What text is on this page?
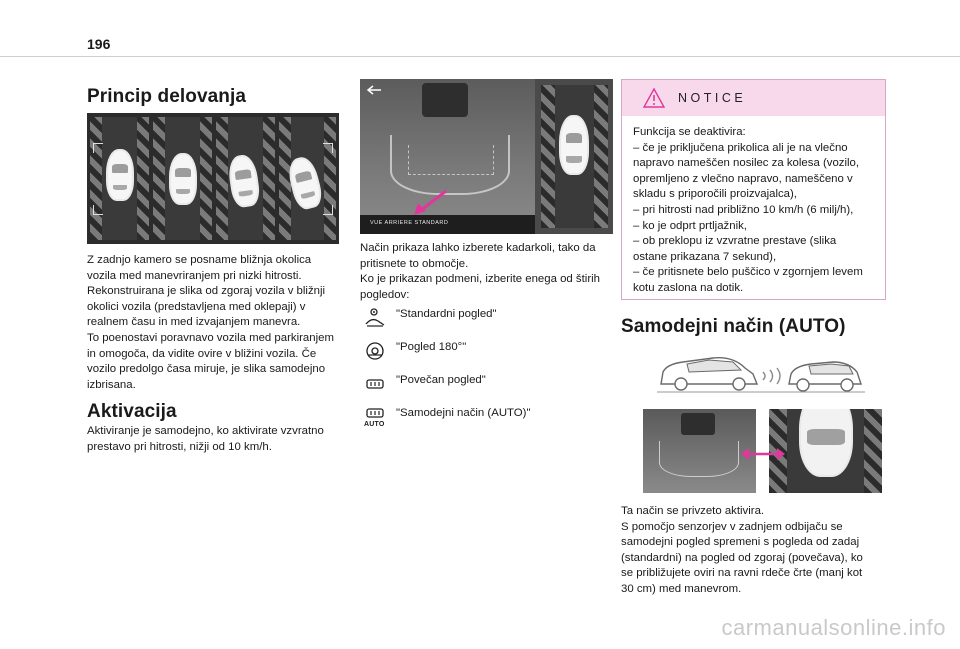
196
Princip delovanja
Z zadnjo kamero se posname bližnja okolica
vozila med manevriranjem pri nizki hitrosti.
Rekonstruirana je slika od zgoraj vozila v bližnji
okolici vozila (predstavljena med oklepaji) v
realnem času in med izvajanjem manevra.
To poenostavi poravnavo vozila med parkiranjem
in omogoča, da vidite ovire v bližini vozila. Če
vozilo predolgo časa miruje, je slika samodejno
izbrisana.
Aktivacija
Aktiviranje je samodejno, ko aktivirate vzvratno
prestavo pri hitrosti, nižji od 10 km/h.
VUE ARRIERE STANDARD
Način prikaza lahko izberete kadarkoli, tako da
pritisnete to območje.
Ko je prikazan podmeni, izberite enega od štirih
pogledov:
"Standardni pogled"
"Pogled 180°"
"Povečan pogled"
AUTO
"Samodejni način (AUTO)"
NOTICE
Funkcija se deaktivira:
– če je priključena prikolica ali je na vlečno
napravo nameščen nosilec za kolesa (vozilo,
opremljeno z vlečno napravo, nameščeno v
skladu s priporočili proizvajalca),
– pri hitrosti nad približno 10 km/h (6 milj/h),
– ko je odprt prtljažnik,
– ob preklopu iz vzvratne prestave (slika
ostane prikazana 7 sekund),
– če pritisnete belo puščico v zgornjem levem
kotu zaslona na dotik.
Samodejni način (AUTO)
Ta način se privzeto aktivira.
S pomočjo senzorjev v zadnjem odbijaču se
samodejni pogled spremeni s pogleda od zadaj
(standardni) na pogled od zgoraj (povečava), ko
se približujete oviri na ravni rdeče črte (manj kot
30 cm) med manevrom.
carmanualsonline.info
